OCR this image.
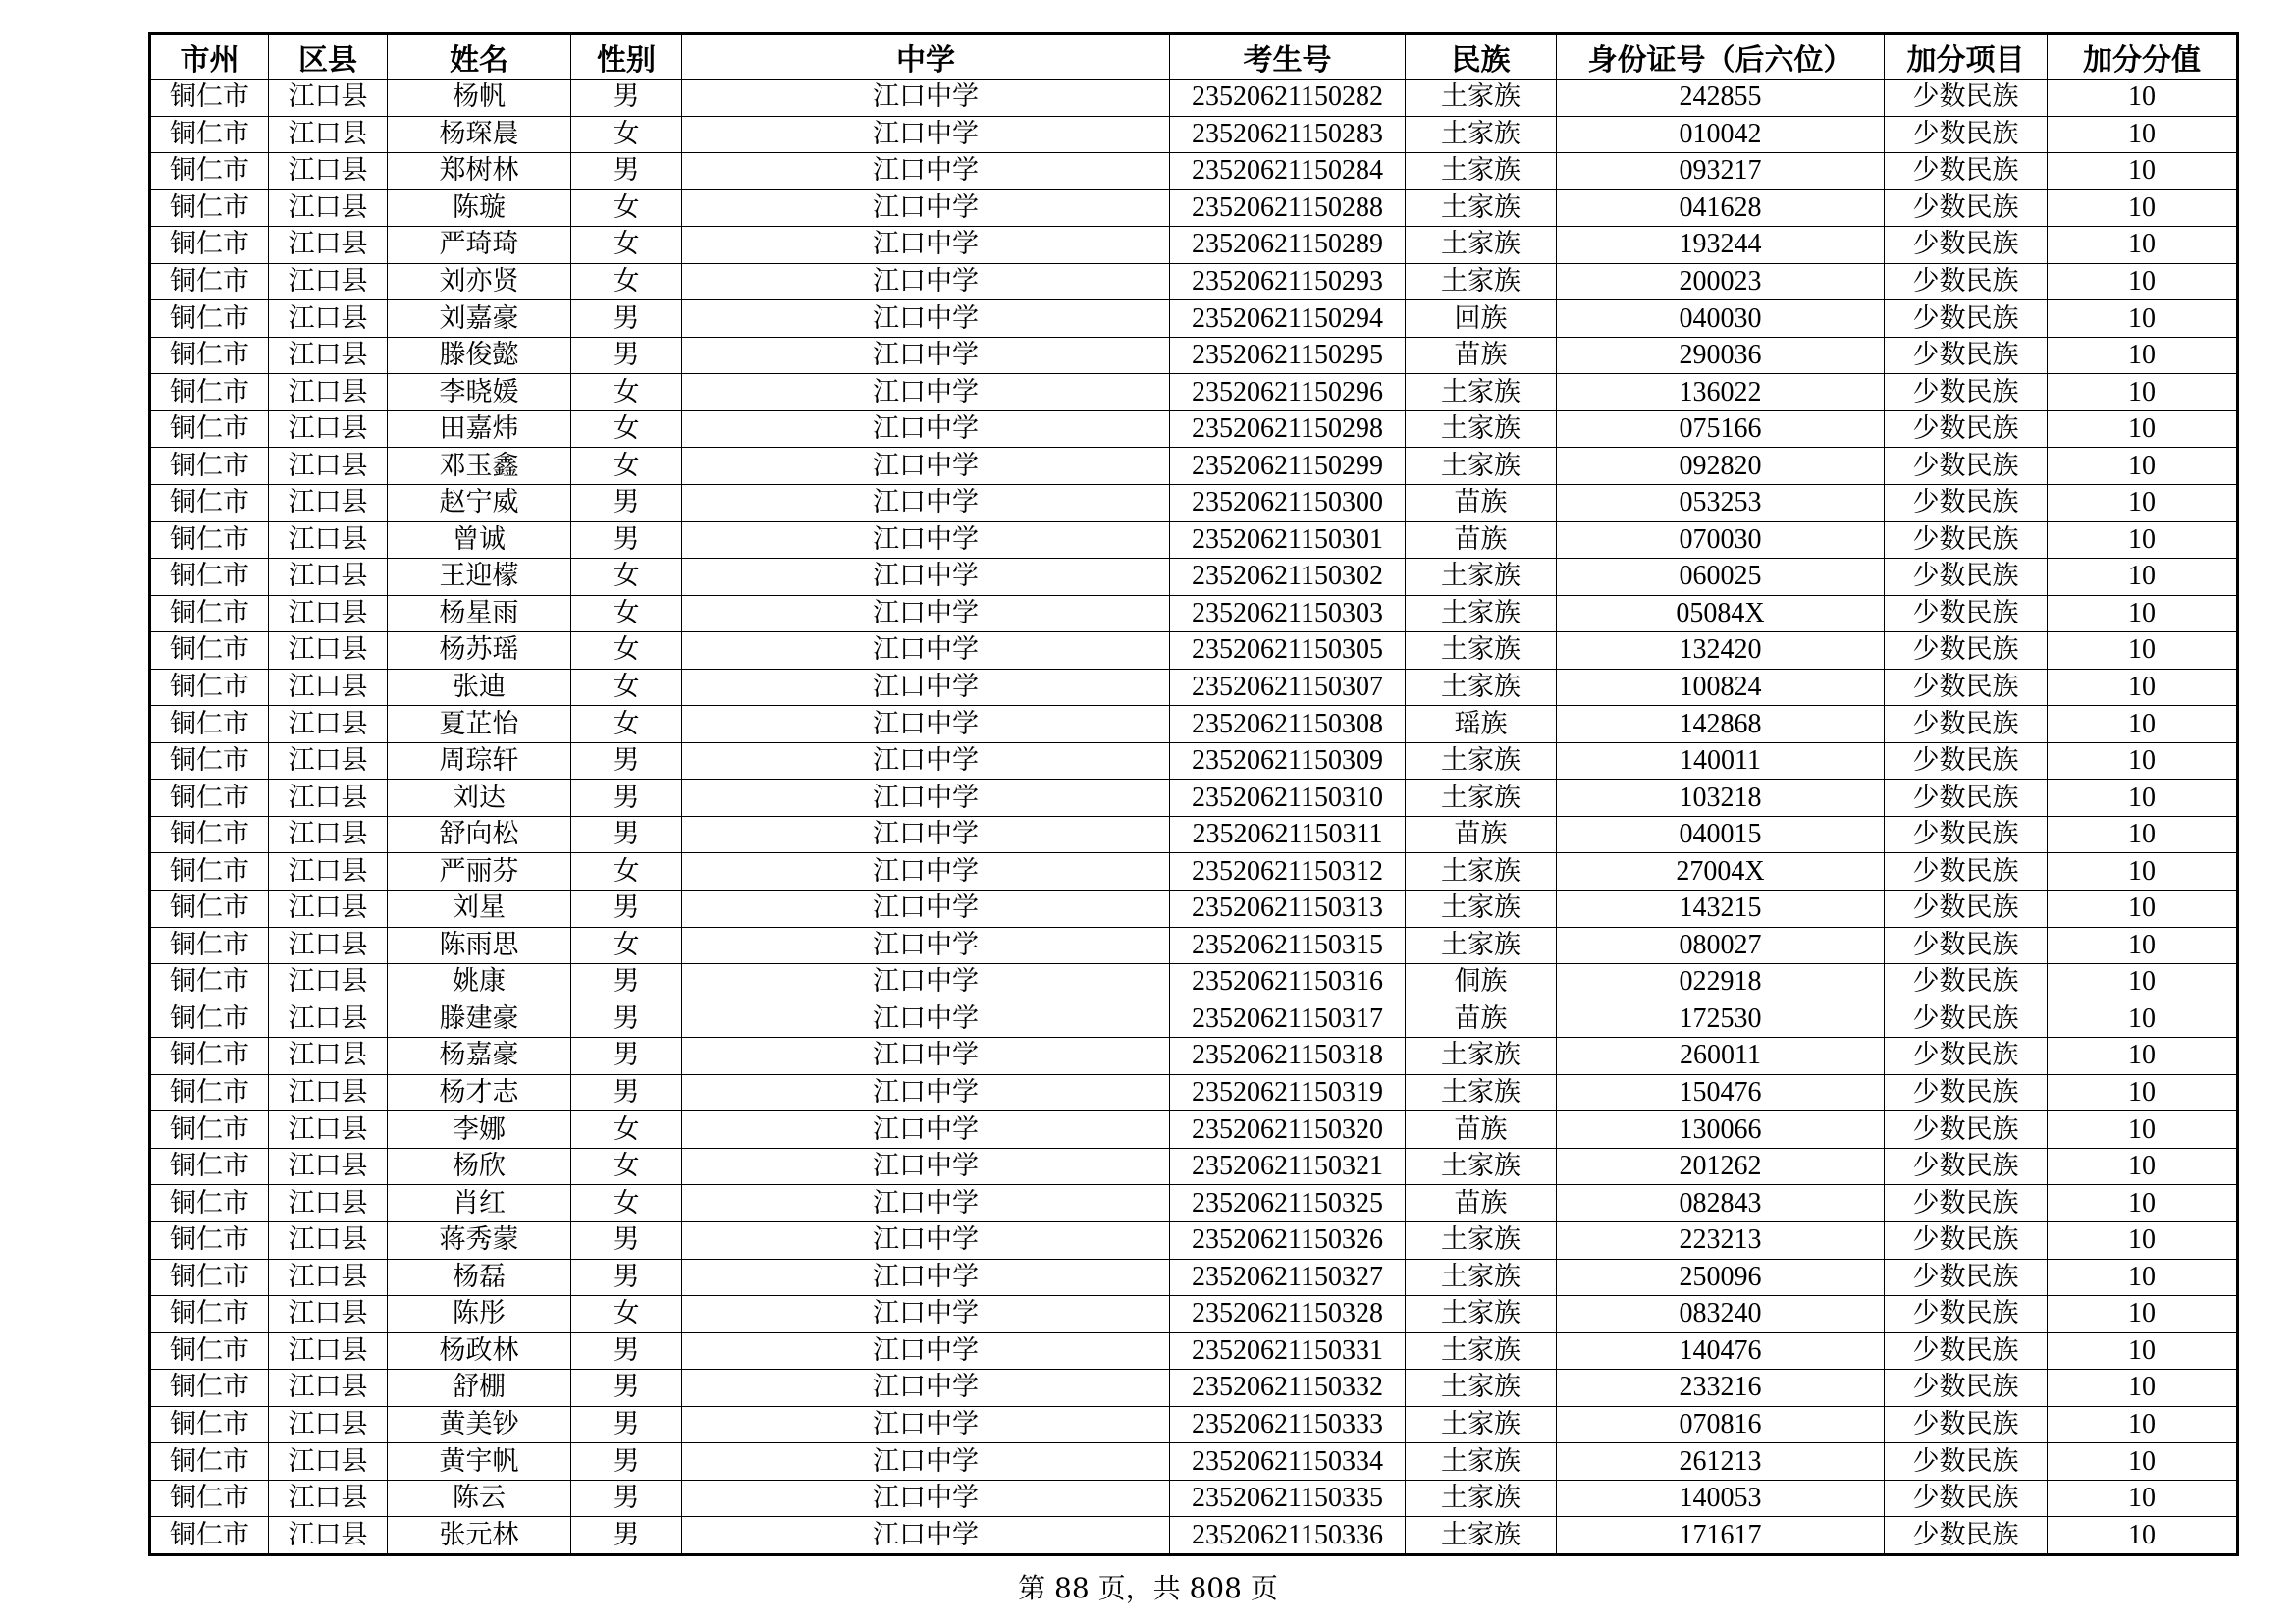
市州	区县	姓名	性别	中学	考生号	民族	身份证号（后六位）	加分项目	加分分值
铜仁市	江口县	杨帆	男	江口中学	23520621150282	土家族	242855	少数民族	10
铜仁市	江口县	杨琛晨	女	江口中学	23520621150283	土家族	010042	少数民族	10
铜仁市	江口县	郑树林	男	江口中学	23520621150284	土家族	093217	少数民族	10
铜仁市	江口县	陈璇	女	江口中学	23520621150288	土家族	041628	少数民族	10
铜仁市	江口县	严琦琦	女	江口中学	23520621150289	土家族	193244	少数民族	10
铜仁市	江口县	刘亦贤	女	江口中学	23520621150293	土家族	200023	少数民族	10
铜仁市	江口县	刘嘉豪	男	江口中学	23520621150294	回族	040030	少数民族	10
铜仁市	江口县	滕俊懿	男	江口中学	23520621150295	苗族	290036	少数民族	10
铜仁市	江口县	李晓媛	女	江口中学	23520621150296	土家族	136022	少数民族	10
铜仁市	江口县	田嘉炜	女	江口中学	23520621150298	土家族	075166	少数民族	10
铜仁市	江口县	邓玉鑫	女	江口中学	23520621150299	土家族	092820	少数民族	10
铜仁市	江口县	赵宁威	男	江口中学	23520621150300	苗族	053253	少数民族	10
铜仁市	江口县	曾诚	男	江口中学	23520621150301	苗族	070030	少数民族	10
铜仁市	江口县	王迎檬	女	江口中学	23520621150302	土家族	060025	少数民族	10
铜仁市	江口县	杨星雨	女	江口中学	23520621150303	土家族	05084X	少数民族	10
铜仁市	江口县	杨苏瑶	女	江口中学	23520621150305	土家族	132420	少数民族	10
铜仁市	江口县	张迪	女	江口中学	23520621150307	土家族	100824	少数民族	10
铜仁市	江口县	夏芷怡	女	江口中学	23520621150308	瑶族	142868	少数民族	10
铜仁市	江口县	周琮轩	男	江口中学	23520621150309	土家族	140011	少数民族	10
铜仁市	江口县	刘达	男	江口中学	23520621150310	土家族	103218	少数民族	10
铜仁市	江口县	舒向松	男	江口中学	23520621150311	苗族	040015	少数民族	10
铜仁市	江口县	严丽芬	女	江口中学	23520621150312	土家族	27004X	少数民族	10
铜仁市	江口县	刘星	男	江口中学	23520621150313	土家族	143215	少数民族	10
铜仁市	江口县	陈雨思	女	江口中学	23520621150315	土家族	080027	少数民族	10
铜仁市	江口县	姚康	男	江口中学	23520621150316	侗族	022918	少数民族	10
铜仁市	江口县	滕建豪	男	江口中学	23520621150317	苗族	172530	少数民族	10
铜仁市	江口县	杨嘉豪	男	江口中学	23520621150318	土家族	260011	少数民族	10
铜仁市	江口县	杨才志	男	江口中学	23520621150319	土家族	150476	少数民族	10
铜仁市	江口县	李娜	女	江口中学	23520621150320	苗族	130066	少数民族	10
铜仁市	江口县	杨欣	女	江口中学	23520621150321	土家族	201262	少数民族	10
铜仁市	江口县	肖红	女	江口中学	23520621150325	苗族	082843	少数民族	10
铜仁市	江口县	蒋秀蒙	男	江口中学	23520621150326	土家族	223213	少数民族	10
铜仁市	江口县	杨磊	男	江口中学	23520621150327	土家族	250096	少数民族	10
铜仁市	江口县	陈彤	女	江口中学	23520621150328	土家族	083240	少数民族	10
铜仁市	江口县	杨政林	男	江口中学	23520621150331	土家族	140476	少数民族	10
铜仁市	江口县	舒棚	男	江口中学	23520621150332	土家族	233216	少数民族	10
铜仁市	江口县	黄美钞	男	江口中学	23520621150333	土家族	070816	少数民族	10
铜仁市	江口县	黄宇帆	男	江口中学	23520621150334	土家族	261213	少数民族	10
铜仁市	江口县	陈云	男	江口中学	23520621150335	土家族	140053	少数民族	10
铜仁市	江口县	张元林	男	江口中学	23520621150336	土家族	171617	少数民族	10
第 88 页，共 808 页
